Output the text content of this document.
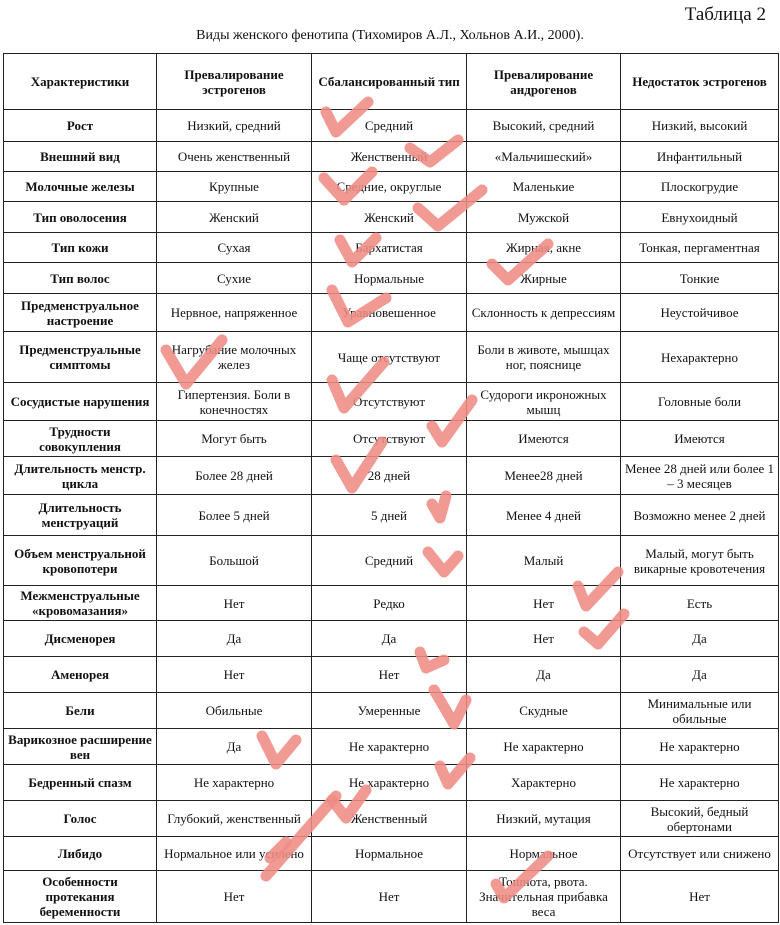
Таблица 2
Виды женского фенотипа (Тихомиров А.Л., Хольнов А.И., 2000).
Характеристики	Превалирование эстрогенов	Сбалансированный тип	Превалирование андрогенов	Недостаток эстрогенов
Рост	Низкий, средний	Средний	Высокий, средний	Низкий, высокий
Внешний вид	Очень женственный	Женственный	«Мальчишеский»	Инфантильный
Молочные железы	Крупные	Средние, округлые	Маленькие	Плоскогрудие
Тип оволосения	Женский	Женский	Мужской	Евнухоидный
Тип кожи	Сухая	Бархатистая	Жирная, акне	Тонкая, пергаментная
Тип волос	Сухие	Нормальные	Жирные	Тонкие
Предменструальное настроение	Нервное, напряженное	Уравновешенное	Склонность к депрессиям	Неустойчивое
Предменструальные симптомы	Нагрубание молочных желез	Чаще отсутствуют	Боли в животе, мышцах ног, пояснице	Нехарактерно
Сосудистые нарушения	Гипертензия. Боли в конечностях	Отсутствуют	Судороги икроножных мышц	Головные боли
Трудности совокупления	Могут быть	Отсутствуют	Имеются	Имеются
Длительность менстр. цикла	Более 28 дней	28 дней	Менее28 дней	Менее 28 дней или более 1 – 3 месяцев
Длительность менструаций	Более 5 дней	5 дней	Менее 4 дней	Возможно менее 2 дней
Объем менструальной кровопотери	Большой	Средний	Малый	Малый, могут быть викарные кровотечения
Межменструальные «кровомазания»	Нет	Редко	Нет	Есть
Дисменорея	Да	Да	Нет	Да
Аменорея	Нет	Нет	Да	Да
Бели	Обильные	Умеренные	Скудные	Минимальные или обильные
Варикозное расширение вен	Да	Не характерно	Не характерно	Не характерно
Бедренный спазм	Не характерно	Не характерно	Характерно	Не характерно
Голос	Глубокий, женственный	Женственный	Низкий, мутация	Высокий, бедный обертонами
Либидо	Нормальное или усилено	Нормальное	Нормальное	Отсутствует или снижено
Особенности протекания беременности	Нет	Нет	Тошнота, рвота. Значительная прибавка веса	Нет
